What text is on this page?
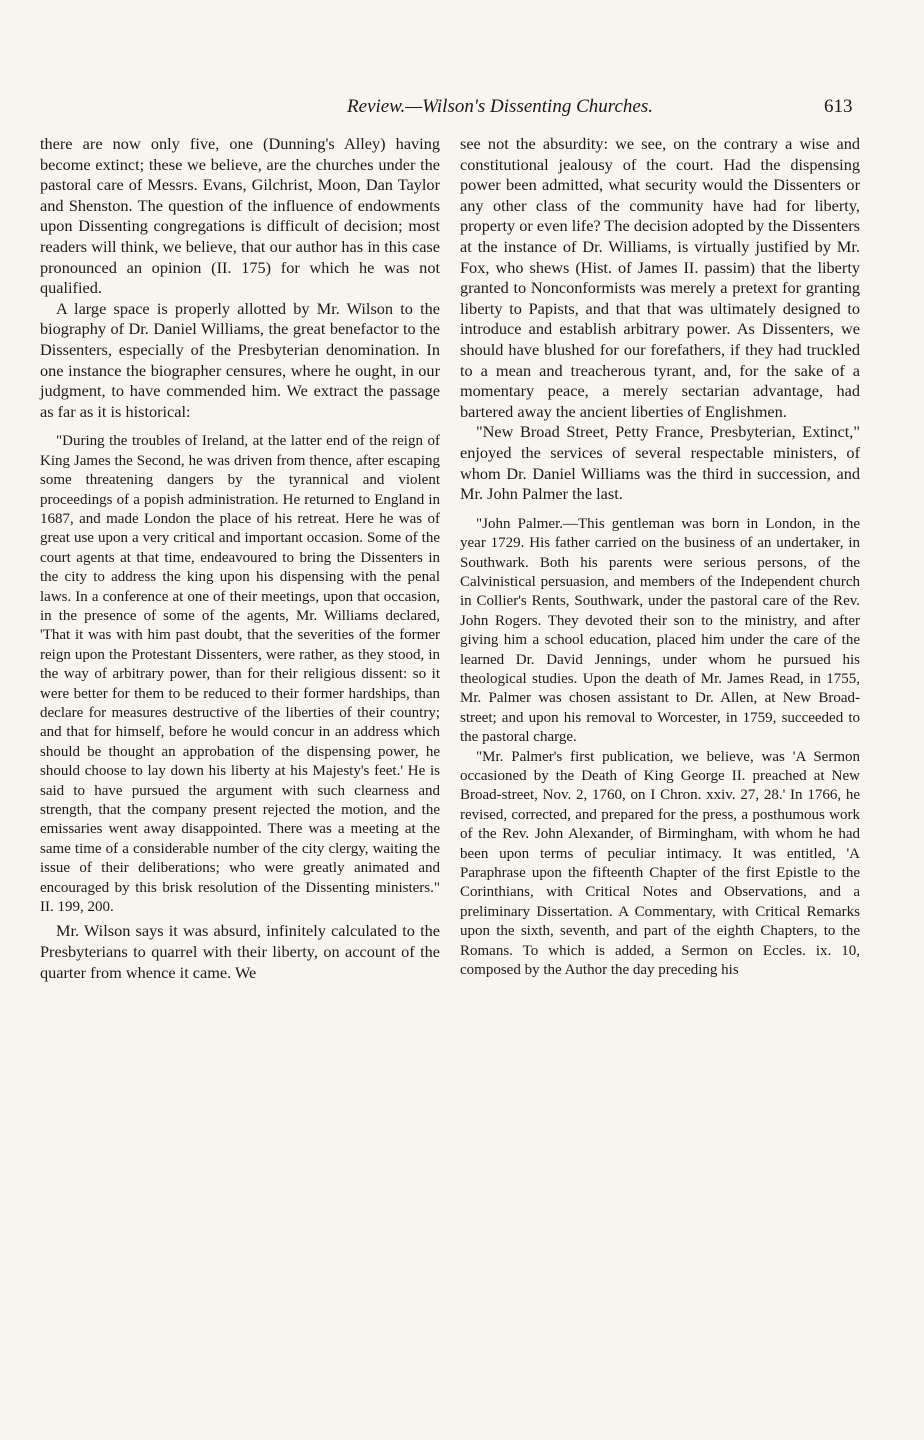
Review.—Wilson's Dissenting Churches.	613

there are now only five, one (Dunning's Alley) having become extinct; these we believe, are the churches under the pastoral care of Messrs. Evans, Gilchrist, Moon, Dan Taylor and Shenston. The question of the influence of endowments upon Dissenting congregations is difficult of decision; most readers will think, we believe, that our author has in this case pronounced an opinion (II. 175) for which he was not qualified.

A large space is properly allotted by Mr. Wilson to the biography of Dr. Daniel Williams, the great benefactor to the Dissenters, especially of the Presbyterian denomination. In one instance the biographer censures, where he ought, in our judgment, to have commended him. We extract the passage as far as it is historical:

"During the troubles of Ireland, at the latter end of the reign of King James the Second, he was driven from thence, after escaping some threatening dangers by the tyrannical and violent proceedings of a popish administration. He returned to England in 1687, and made London the place of his retreat. Here he was of great use upon a very critical and important occasion. Some of the court agents at that time, endeavoured to bring the Dissenters in the city to address the king upon his dispensing with the penal laws. In a conference at one of their meetings, upon that occasion, in the presence of some of the agents, Mr. Williams declared, 'That it was with him past doubt, that the severities of the former reign upon the Protestant Dissenters, were rather, as they stood, in the way of arbitrary power, than for their religious dissent: so it were better for them to be reduced to their former hardships, than declare for measures destructive of the liberties of their country; and that for himself, before he would concur in an address which should be thought an approbation of the dispensing power, he should choose to lay down his liberty at his Majesty's feet.' He is said to have pursued the argument with such clearness and strength, that the company present rejected the motion, and the emissaries went away disappointed. There was a meeting at the same time of a considerable number of the city clergy, waiting the issue of their deliberations; who were greatly animated and encouraged by this brisk resolution of the Dissenting ministers." II. 199, 200.

Mr. Wilson says it was absurd, infinitely calculated to the Presbyterians to quarrel with their liberty, on account of the quarter from whence it came. We

see not the absurdity: we see, on the contrary a wise and constitutional jealousy of the court. Had the dispensing power been admitted, what security would the Dissenters or any other class of the community have had for liberty, property or even life? The decision adopted by the Dissenters at the instance of Dr. Williams, is virtually justified by Mr. Fox, who shews (Hist. of James II. passim) that the liberty granted to Nonconformists was merely a pretext for granting liberty to Papists, and that that was ultimately designed to introduce and establish arbitrary power. As Dissenters, we should have blushed for our forefathers, if they had truckled to a mean and treacherous tyrant, and, for the sake of a momentary peace, a merely sectarian advantage, had bartered away the ancient liberties of Englishmen.

"New Broad Street, Petty France, Presbyterian, Extinct," enjoyed the services of several respectable ministers, of whom Dr. Daniel Williams was the third in succession, and Mr. John Palmer the last.

"John Palmer.—This gentleman was born in London, in the year 1729. His father carried on the business of an undertaker, in Southwark. Both his parents were serious persons, of the Calvinistical persuasion, and members of the Independent church in Collier's Rents, Southwark, under the pastoral care of the Rev. John Rogers. They devoted their son to the ministry, and after giving him a school education, placed him under the care of the learned Dr. David Jennings, under whom he pursued his theological studies. Upon the death of Mr. James Read, in 1755, Mr. Palmer was chosen assistant to Dr. Allen, at New Broad-street; and upon his removal to Worcester, in 1759, succeeded to the pastoral charge.

"Mr. Palmer's first publication, we believe, was 'A Sermon occasioned by the Death of King George II. preached at New Broad-street, Nov. 2, 1760, on I Chron. xxiv. 27, 28.' In 1766, he revised, corrected, and prepared for the press, a posthumous work of the Rev. John Alexander, of Birmingham, with whom he had been upon terms of peculiar intimacy. It was entitled, 'A Paraphrase upon the fifteenth Chapter of the first Epistle to the Corinthians, with Critical Notes and Observations, and a preliminary Dissertation. A Commentary, with Critical Remarks upon the sixth, seventh, and part of the eighth Chapters, to the Romans. To which is added, a Sermon on Eccles. ix. 10, composed by the Author the day preceding his
